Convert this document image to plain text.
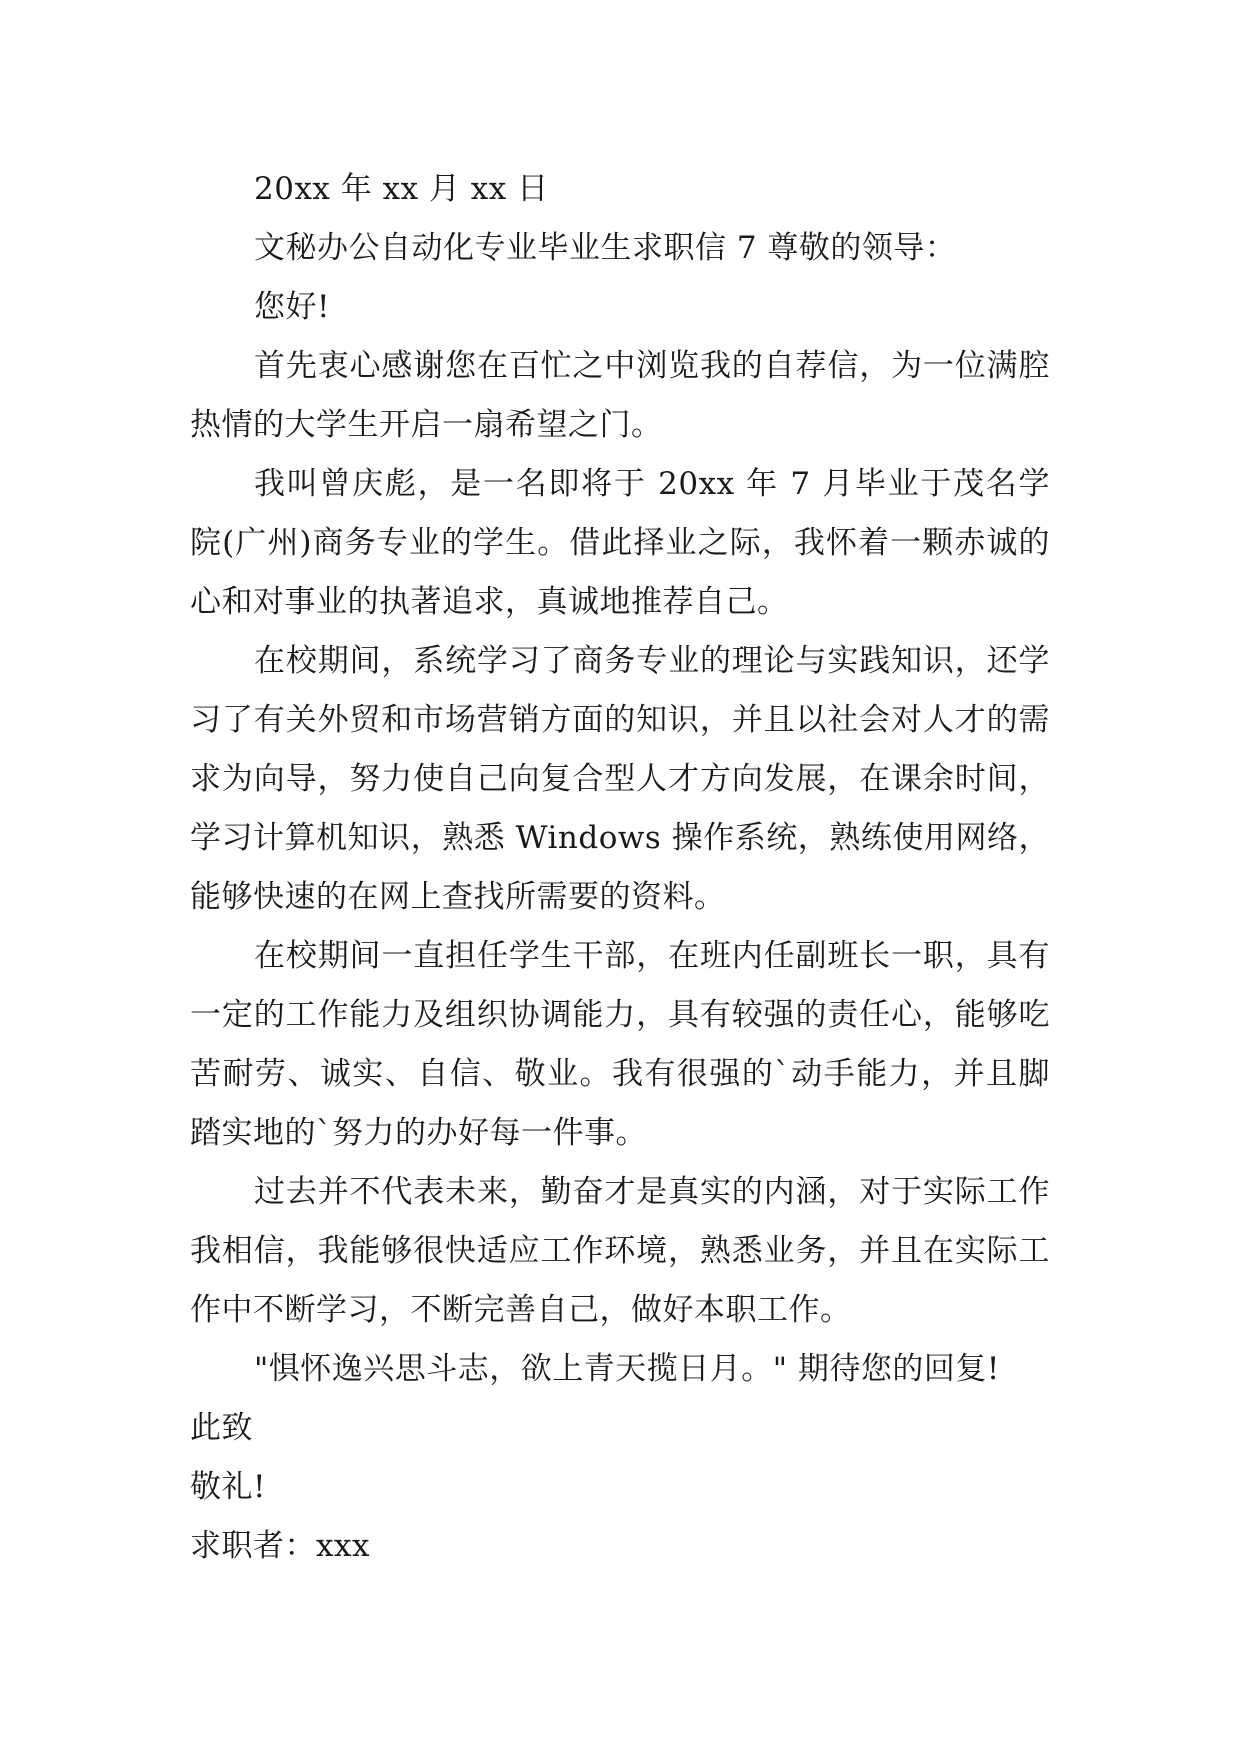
20xx 年 xx 月 xx 日

文秘办公自动化专业毕业生求职信 7 尊敬的领导：

您好!

首先衷心感谢您在百忙之中浏览我的自荐信，为一位满腔热情的大学生开启一扇希望之门。

我叫曾庆彪，是一名即将于 20xx 年 7 月毕业于茂名学院(广州)商务专业的学生。借此择业之际，我怀着一颗赤诚的心和对事业的执著追求，真诚地推荐自己。

在校期间，系统学习了商务专业的理论与实践知识，还学习了有关外贸和市场营销方面的知识，并且以社会对人才的需求为向导，努力使自己向复合型人才方向发展，在课余时间，学习计算机知识，熟悉 Windows 操作系统，熟练使用网络，能够快速的在网上查找所需要的资料。

在校期间一直担任学生干部，在班内任副班长一职，具有一定的工作能力及组织协调能力，具有较强的责任心，能够吃苦耐劳、诚实、自信、敬业。我有很强的`动手能力，并且脚踏实地的`努力的办好每一件事。

过去并不代表未来，勤奋才是真实的内涵，对于实际工作我相信，我能够很快适应工作环境，熟悉业务，并且在实际工作中不断学习，不断完善自己，做好本职工作。

"惧怀逸兴思斗志，欲上青天揽日月。" 期待您的回复!

此致

敬礼!

求职者：xxx
